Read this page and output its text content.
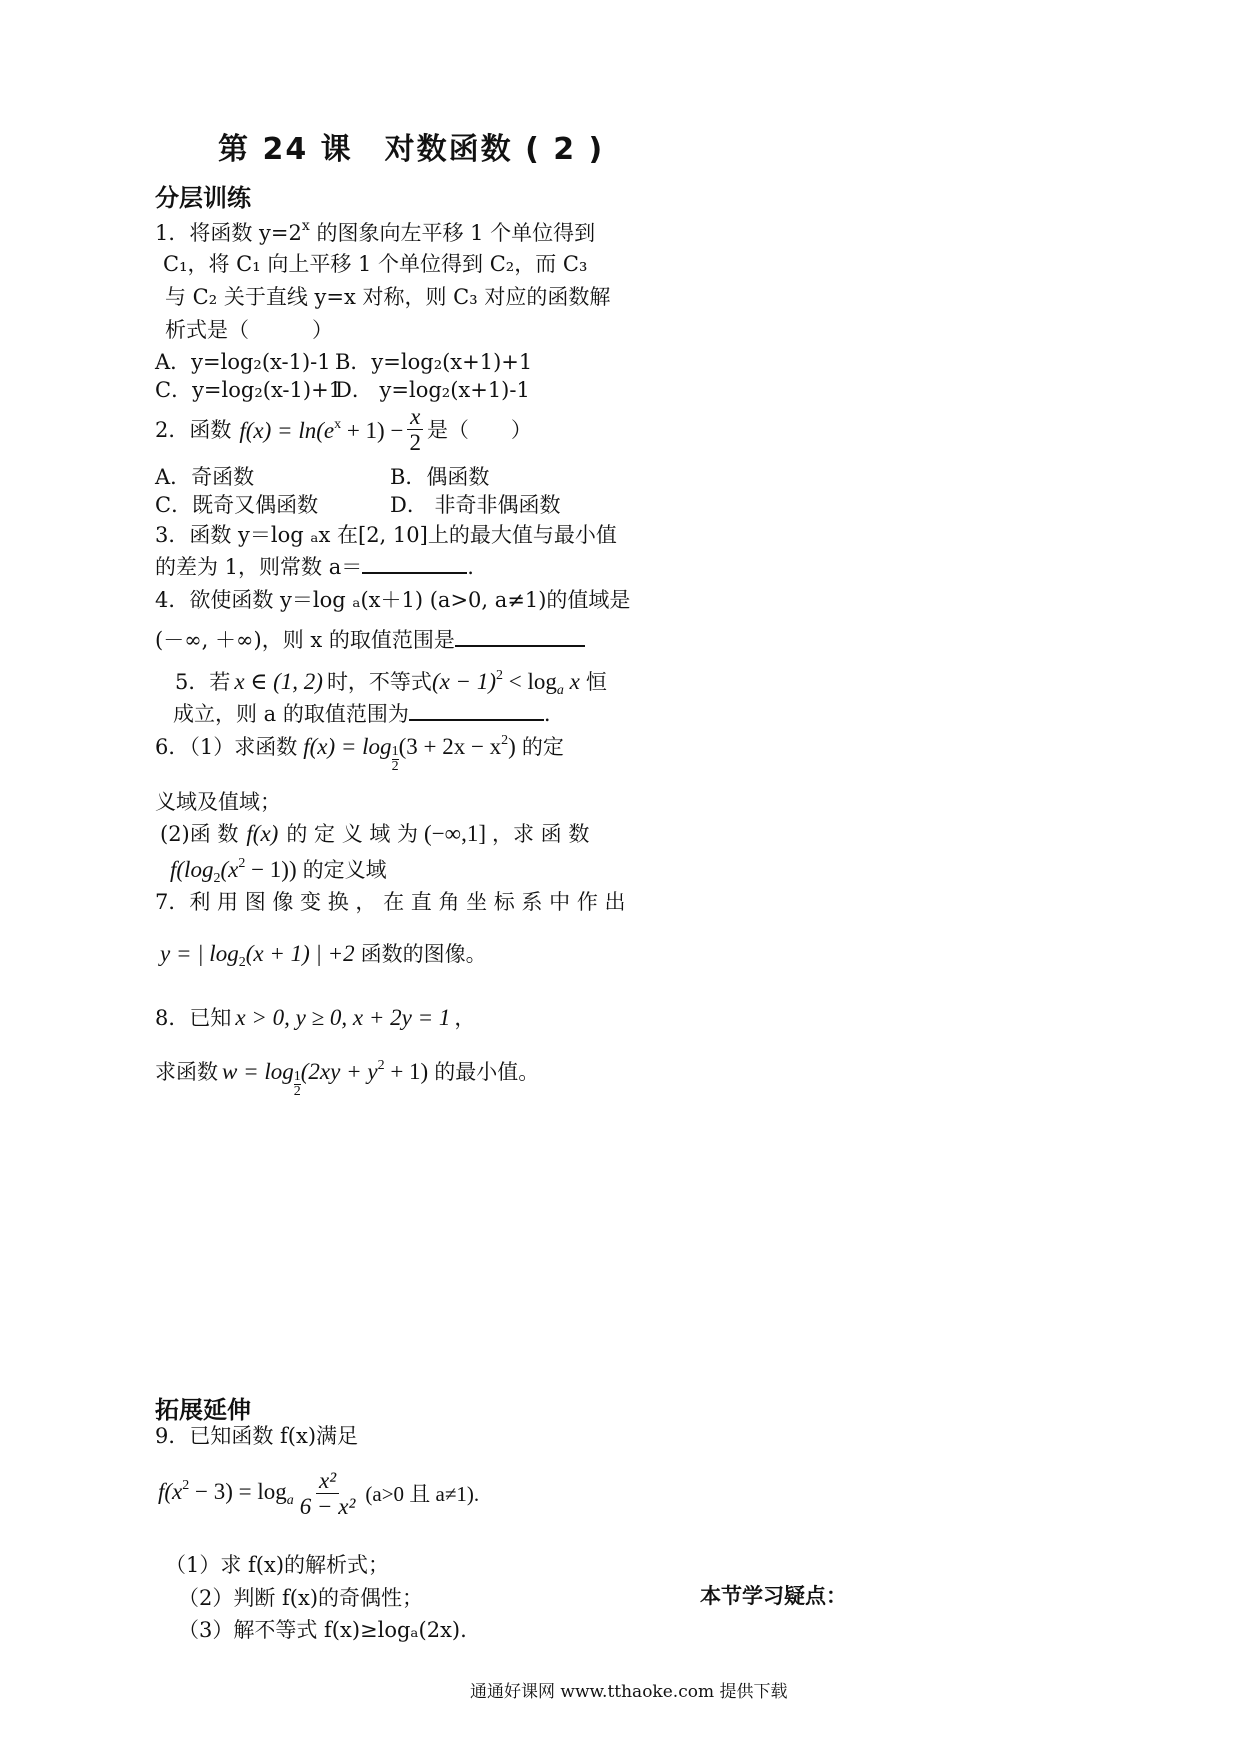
第 24 课　对数函数 ( 2 )
分层训练
1．将函数 $y=2^x$ 的图象向左平移 1 个单位得到
C₁，将 C₁ 向上平移 1 个单位得到 C₂，而 C₃
与 C₂ 关于直线 y=x 对称，则 C₃ 对应的函数解
析式是（　　　）
A．y=log₂(x-1)-1 B．y=log₂(x+1)+1
C．y=log₂(x-1)+1
D． y=log₂(x+1)-1
2．函数 $f(x) = \ln(e^x + 1) - \frac{x}{2}$ 是（　　）
A．奇函数	B．偶函数
C．既奇又偶函数	D． 非奇非偶函数
3．函数 y＝log ₐx 在[2, 10]上的最大值与最小值
的差为 1，则常数 a＝	.
4．欲使函数 y＝log ₐ(x＋1) (a>0, a≠1)的值域是
(－∞, ＋∞)，则 x 的取值范围是
5．若 x ∈ (1, 2) 时，不等式$(x - 1)^2 < \log_a x$ 恒
成立，则 a 的取值范围为	.
6．（1）求函数 $f(x) = \log \frac{1}{2} (3 + 2x - x^2)$ 的定
义域及值域；
(2)函 数 f(x) 的 定 义 域 为 (−∞,1] ，求 函 数
$f(\log_2(x^2 - 1))$ 的定义域
7．利 用 图 像 变 换 ， 在 直 角 坐 标 系 中 作 出
y = | $\log_2(x + 1)$ | +2 函数的图像。
8．已知 x > 0, y ≥ 0, x + 2y = 1 ，
求函数 $w = \log \frac{1}{2} (2xy + y^2 + 1)$ 的最小值。
拓展延伸
9．已知函数 f(x)满足
$f(x^2 - 3) = \log_a \frac{\text{x²}}{\text{6 − x²}} (a>0$ 且 a≠1).
（1）求 f(x)的解析式；
（2）判断 f(x)的奇偶性；
（3）解不等式 f(x)≥logₐ(2x).
本节学习疑点：
通通好课网 www.tthaoke.com 提供下载
